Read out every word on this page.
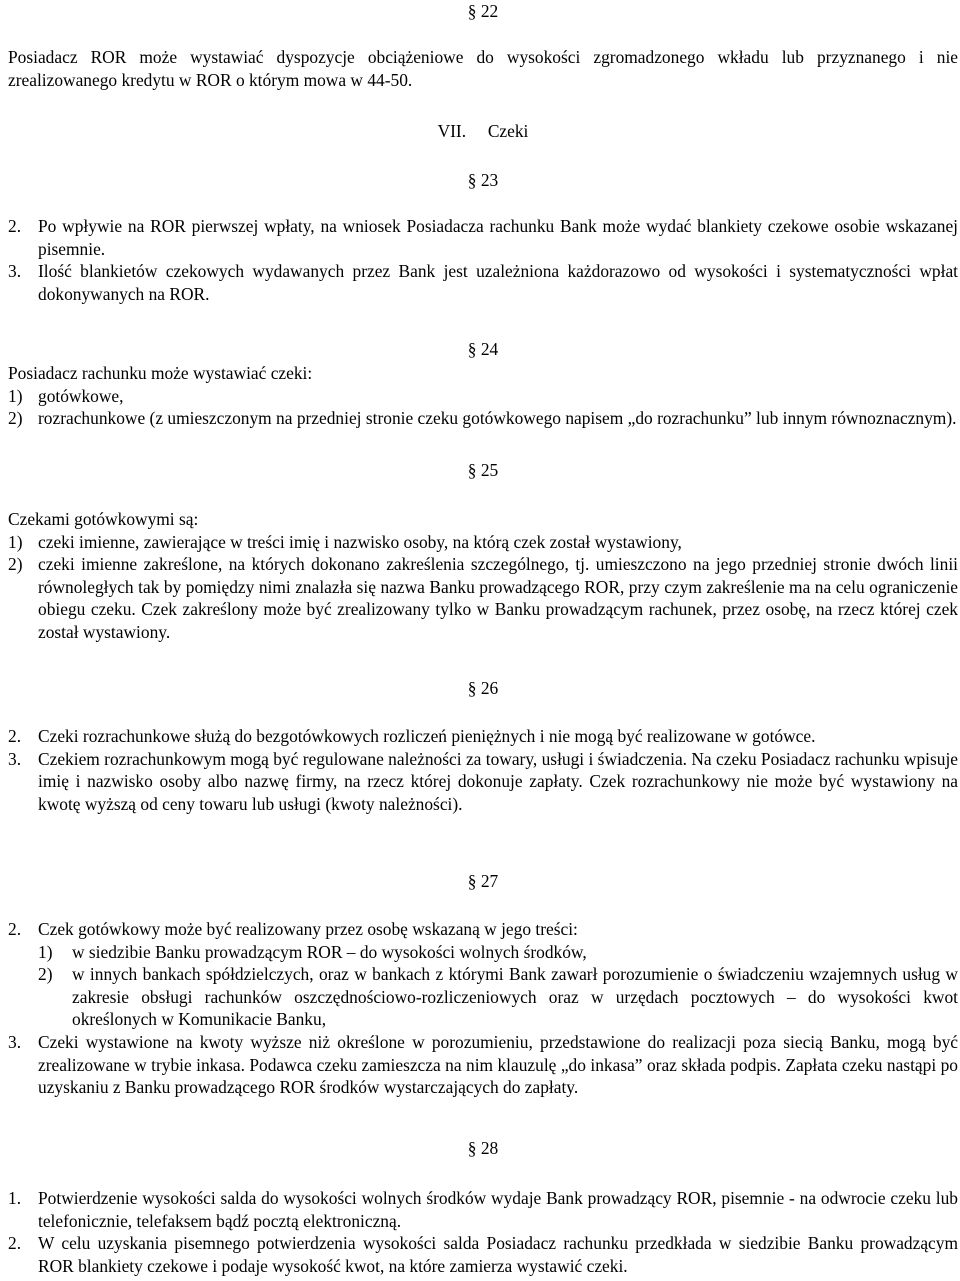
§ 22
Posiadacz ROR może wystawiać dyspozycje obciążeniowe do wysokości zgromadzonego wkładu lub przyznanego i nie zrealizowanego kredytu w ROR o którym mowa w 44-50.
VII. Czeki
§ 23
2. Po wpływie na ROR pierwszej wpłaty, na wniosek Posiadacza rachunku Bank może wydać blankiety czekowe osobie wskazanej pisemnie.
3. Ilość blankietów czekowych wydawanych przez Bank jest uzależniona każdorazowo od wysokości i systematyczności wpłat dokonywanych na ROR.
§ 24
Posiadacz rachunku może wystawiać czeki:
1) gotówkowe,
2) rozrachunkowe (z umieszczonym na przedniej stronie czeku gotówkowego napisem „do rozrachunku” lub innym równoznacznym).
§ 25
Czekami gotówkowymi są:
1) czeki imienne, zawierające w treści imię i nazwisko osoby, na którą czek został wystawiony,
2) czeki imienne zakreślone, na których dokonano zakreślenia szczególnego, tj. umieszczono na jego przedniej stronie dwóch linii równoległych tak by pomiędzy nimi znalazła się nazwa Banku prowadzącego ROR, przy czym zakreślenie ma na celu ograniczenie obiegu czeku. Czek zakreślony może być zrealizowany tylko w Banku prowadzącym rachunek, przez osobę, na rzecz której czek został wystawiony.
§ 26
2. Czeki rozrachunkowe służą do bezgotówkowych rozliczeń pieniężnych i nie mogą być realizowane w gotówce.
3. Czekiem rozrachunkowym mogą być regulowane należności za towary, usługi i świadczenia. Na czeku Posiadacz rachunku wpisuje imię i nazwisko osoby albo nazwę firmy, na rzecz której dokonuje zapłaty. Czek rozrachunkowy nie może być wystawiony na kwotę wyższą od ceny towaru lub usługi (kwoty należności).
§ 27
2. Czek gotówkowy może być realizowany przez osobę wskazaną w jego treści:
1) w siedzibie Banku prowadzącym ROR – do wysokości wolnych środków,
2) w innych bankach spółdzielczych, oraz w bankach z którymi Bank zawarł porozumienie o świadczeniu wzajemnych usług w zakresie obsługi rachunków oszczędnościowo-rozliczeniowych oraz w urzędach pocztowych – do wysokości kwot określonych w Komunikacie Banku,
3. Czeki wystawione na kwoty wyższe niż określone w porozumieniu, przedstawione do realizacji poza siecią Banku, mogą być zrealizowane w trybie inkasa. Podawca czeku zamieszcza na nim klauzulę „do inkasa” oraz składa podpis. Zapłata czeku nastąpi po uzyskaniu z Banku prowadzącego ROR środków wystarczających do zapłaty.
§ 28
1. Potwierdzenie wysokości salda do wysokości wolnych środków wydaje Bank prowadzący ROR, pisemnie - na odwrocie czeku lub telefonicznie, telefaksem bądź pocztą elektroniczną.
2. W celu uzyskania pisemnego potwierdzenia wysokości salda Posiadacz rachunku przedkłada w siedzibie Banku prowadzącym ROR blankiety czekowe i podaje wysokość kwot, na które zamierza wystawić czeki.
